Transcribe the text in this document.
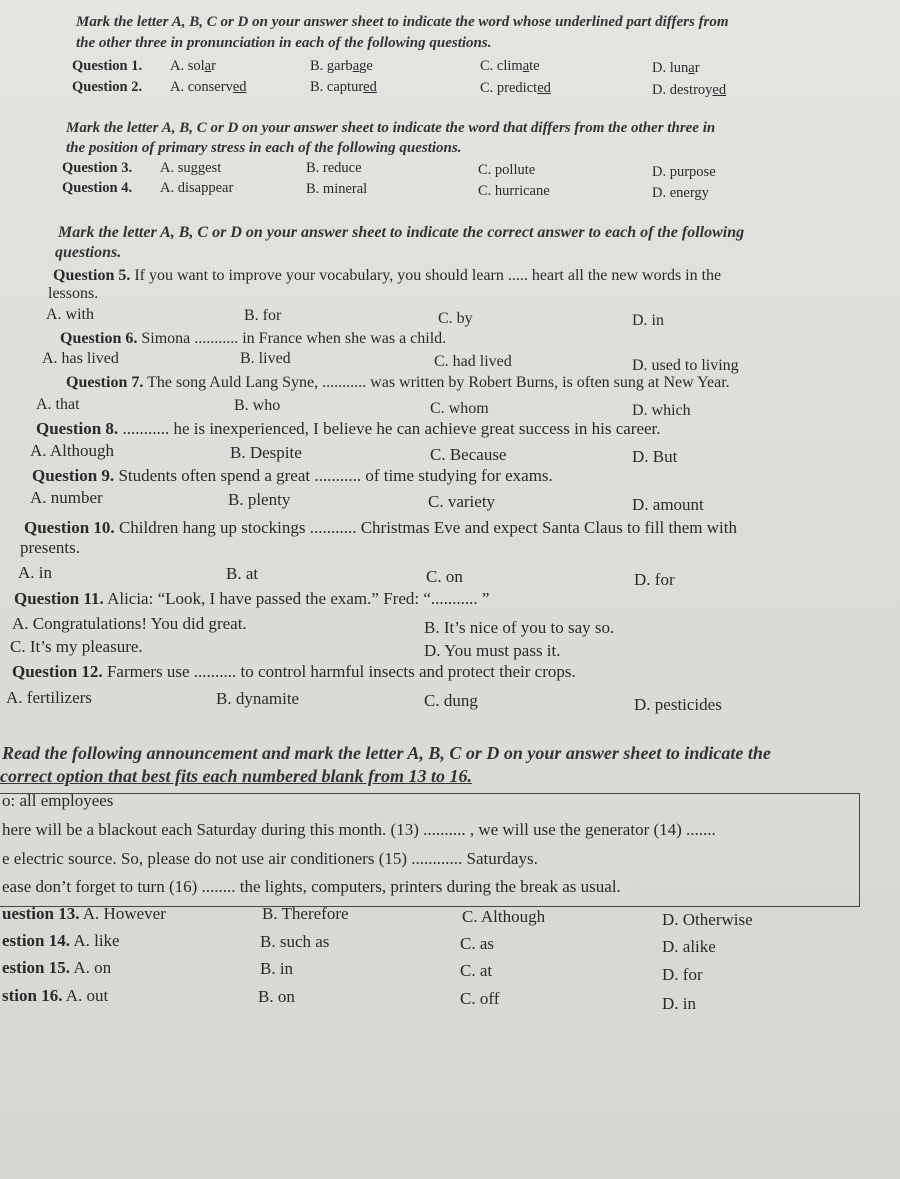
Mark the letter A, B, C or D on your answer sheet to indicate the word whose underlined part differs from
the other three in pronunciation in each of the following questions.
Question 1. A. solar	B. garbage	C. climate	D. lunar
Question 2. A. conserved	B. captured	C. predicted	D. destroyed
Mark the letter A, B, C or D on your answer sheet to indicate the word that differs from the other three in
the position of primary stress in each of the following questions.
Question 3. A. suggest	B. reduce	C. pollute	D. purpose
Question 4. A. disappear	B. mineral	C. hurricane	D. energy
Mark the letter A, B, C or D on your answer sheet to indicate the correct answer to each of the following
questions.
Question 5. If you want to improve your vocabulary, you should learn ..... heart all the new words in the
lessons.
A. with	B. for	C. by	D. in
Question 6. Simona ........... in France when she was a child.
A. has lived	B. lived	C. had lived	D. used to living
Question 7. The song Auld Lang Syne, ........... was written by Robert Burns, is often sung at New Year.
A. that	B. who	C. whom	D. which
Question 8. ........... he is inexperienced, I believe he can achieve great success in his career.
A. Although	B. Despite	C. Because	D. But
Question 9. Students often spend a great ........... of time studying for exams.
A. number	B. plenty	C. variety	D. amount
Question 10. Children hang up stockings ........... Christmas Eve and expect Santa Claus to fill them with
presents.
A. in	B. at	C. on	D. for
Question 11. Alicia: “Look, I have passed the exam.” Fred: “........... ”
A. Congratulations! You did great.	B. It’s nice of you to say so.
C. It’s my pleasure.	D. You must pass it.
Question 12. Farmers use .......... to control harmful insects and protect their crops.
A. fertilizers	B. dynamite	C. dung	D. pesticides
Read the following announcement and mark the letter A, B, C or D on your answer sheet to indicate the
correct option that best fits each numbered blank from 13 to 16.
o: all employees
here will be a blackout each Saturday during this month. (13) .......... , we will use the generator (14) .......
e electric source. So, please do not use air conditioners (15) ............ Saturdays.
ease don’t forget to turn (16) ........ the lights, computers, printers during the break as usual.
uestion 13. A. However	B. Therefore	C. Although	D. Otherwise
estion 14. A. like	B. such as	C. as	D. alike
estion 15. A. on	B. in	C. at	D. for
stion 16. A. out	B. on	C. off	D. in
